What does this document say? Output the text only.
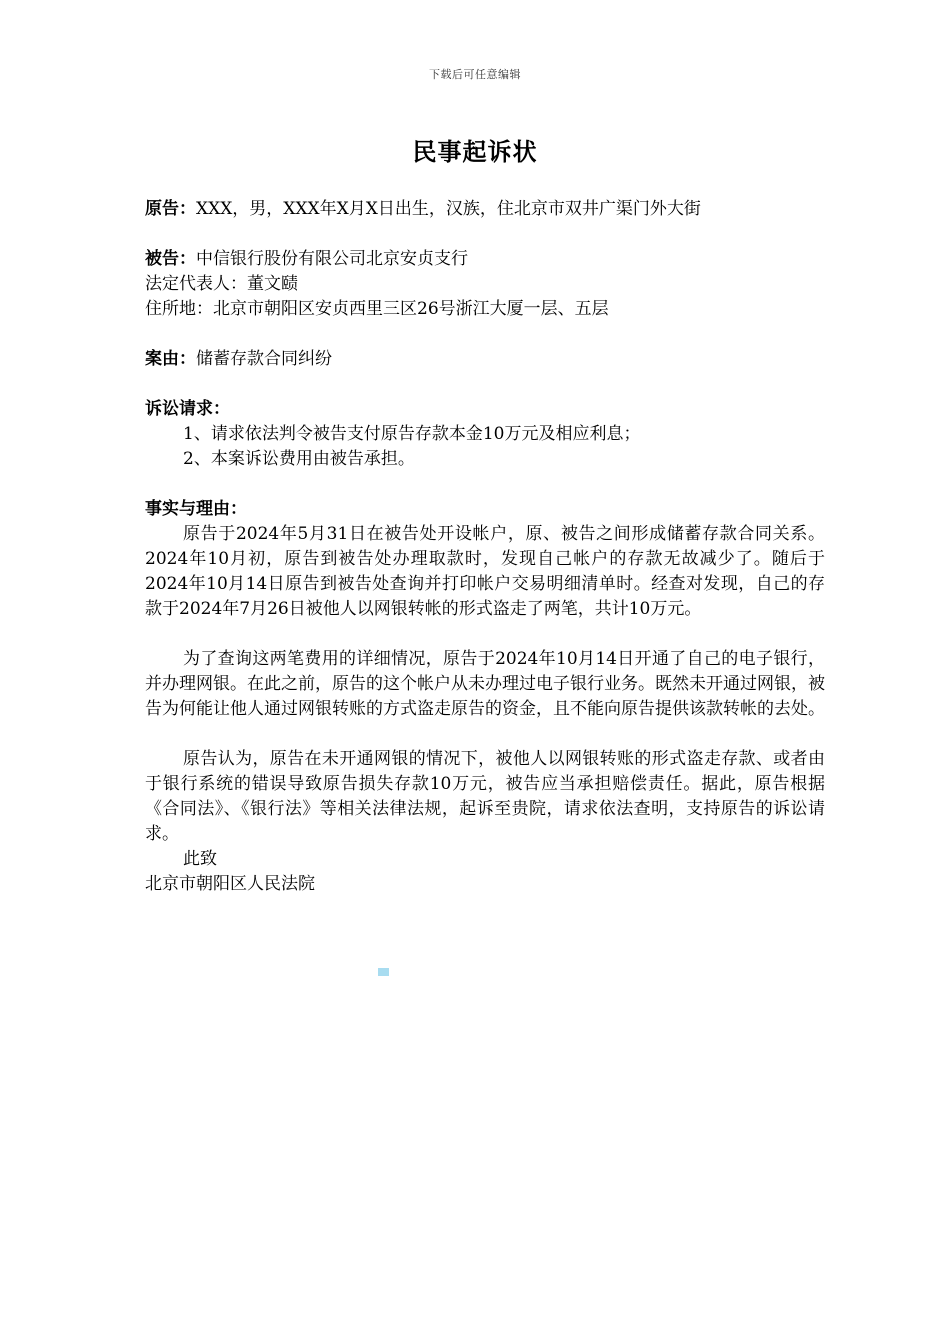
下载后可任意编辑
民事起诉状
原告：XXX，男，XXX年X月X日出生，汉族，住北京市双井广渠门外大街
被告：中信银行股份有限公司北京安贞支行
法定代表人：董文赜
住所地：北京市朝阳区安贞西里三区26号浙江大厦一层、五层
案由：储蓄存款合同纠纷
诉讼请求：
1、请求依法判令被告支付原告存款本金10万元及相应利息；
2、本案诉讼费用由被告承担。
事实与理由：

原告于2024年5月31日在被告处开设帐户，原、被告之间形成储蓄存款合同关系。2024年10月初，原告到被告处办理取款时，发现自己帐户的存款无故减少了。随后于2024年10月14日原告到被告处查询并打印帐户交易明细清单时。经查对发现，自己的存款于2024年7月26日被他人以网银转帐的形式盗走了两笔，共计10万元。

为了查询这两笔费用的详细情况，原告于2024年10月14日开通了自己的电子银行，并办理网银。在此之前，原告的这个帐户从未办理过电子银行业务。既然未开通过网银，被告为何能让他人通过网银转账的方式盗走原告的资金，且不能向原告提供该款转帐的去处。

原告认为，原告在未开通网银的情况下，被他人以网银转账的形式盗走存款、或者由于银行系统的错误导致原告损失存款10万元，被告应当承担赔偿责任。据此，原告根据《合同法》、《银行法》等相关法律法规，起诉至贵院，请求依法查明，支持原告的诉讼请求。

此致
北京市朝阳区人民法院
